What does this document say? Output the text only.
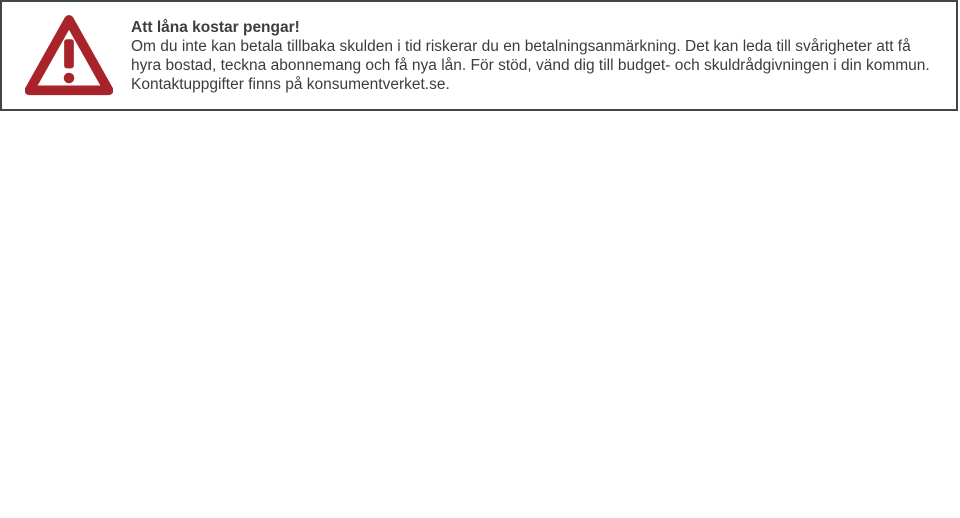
Att låna kostar pengar!
Om du inte kan betala tillbaka skulden i tid riskerar du en betalningsanmärkning. Det kan leda till svårigheter att få
hyra bostad, teckna abonnemang och få nya lån. För stöd, vänd dig till budget- och skuldrådgivningen i din kommun.
Kontaktuppgifter finns på konsumentverket.se.
